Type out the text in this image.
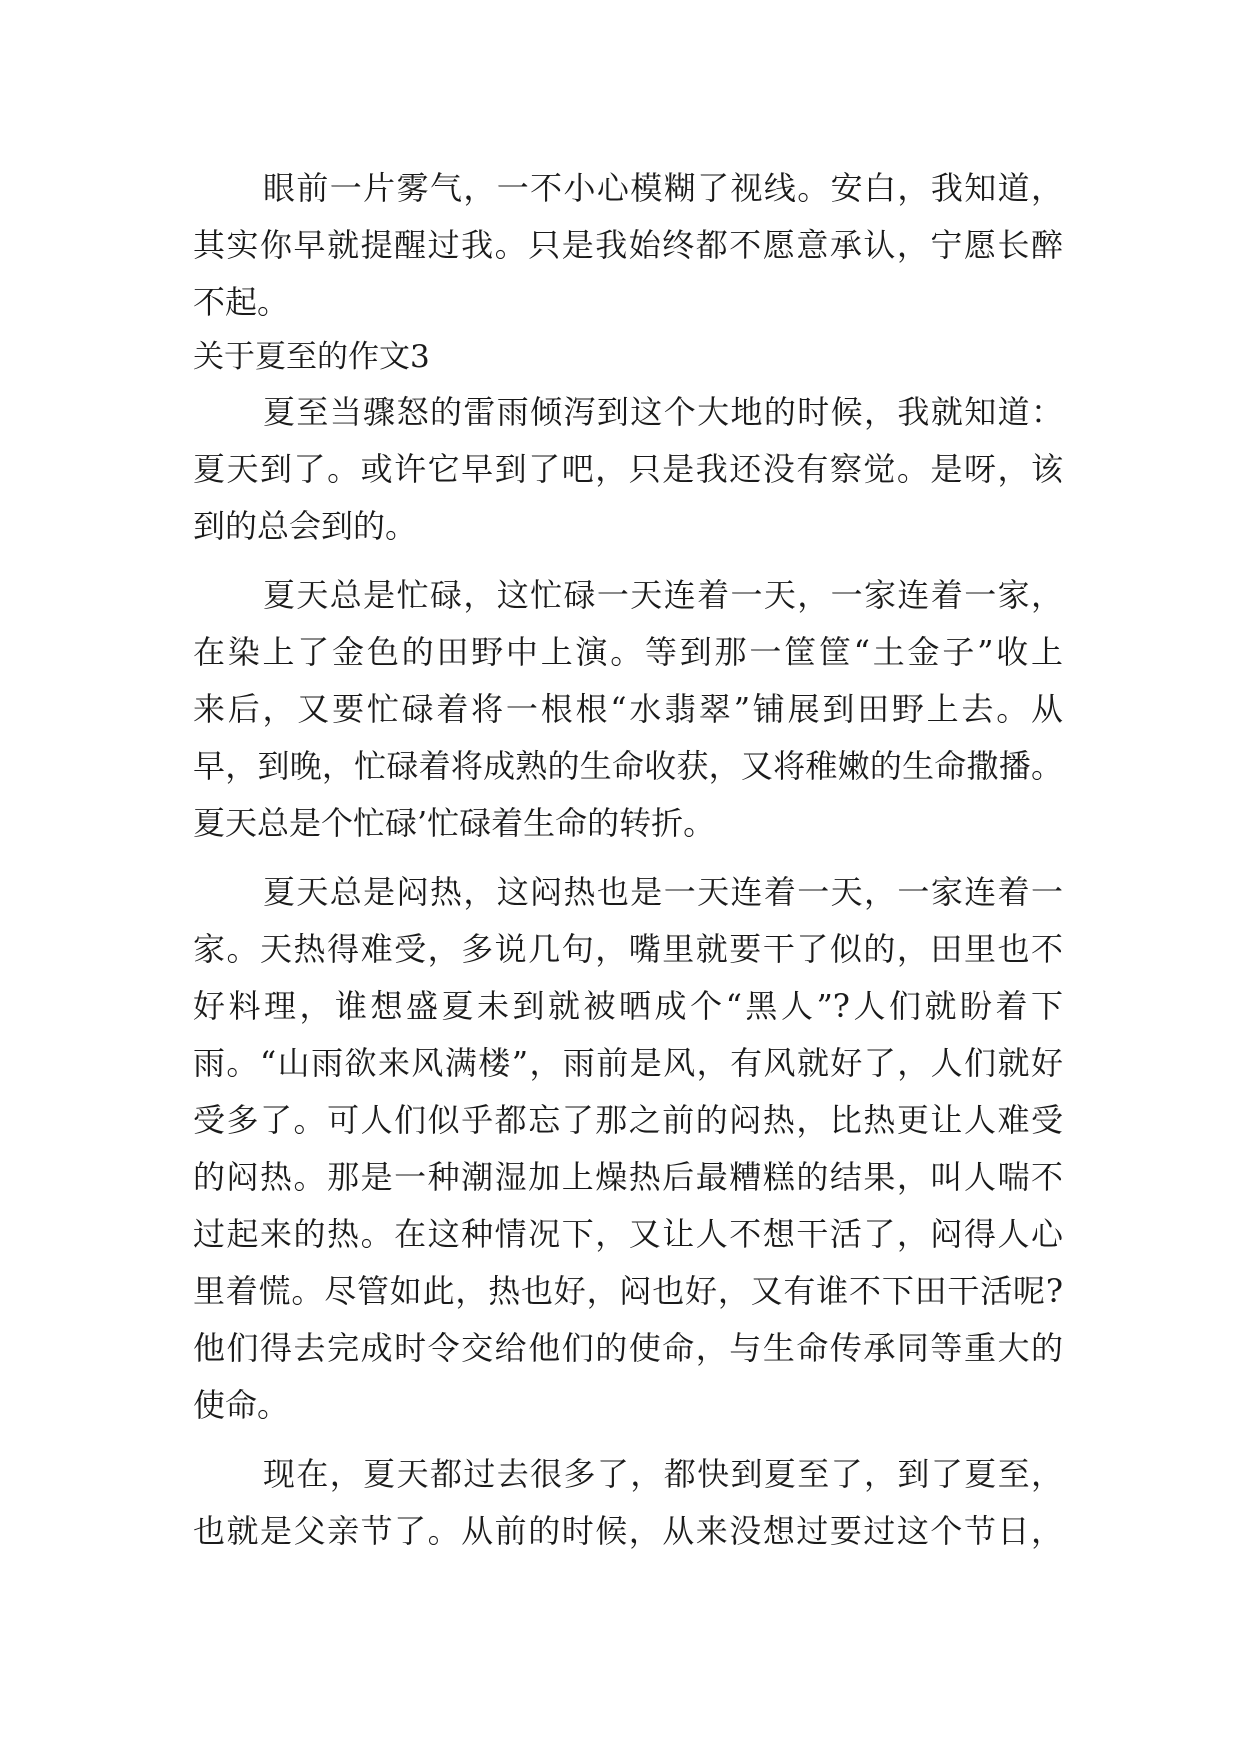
眼前一片雾气，一不小心模糊了视线。安白，我知道，
其实你早就提醒过我。只是我始终都不愿意承认，宁愿长醉
不起。
关于夏至的作文3
夏至当骤怒的雷雨倾泻到这个大地的时候，我就知道：
夏天到了。或许它早到了吧，只是我还没有察觉。是呀，该
到的总会到的。
夏天总是忙碌，这忙碌一天连着一天，一家连着一家，
在染上了金色的田野中上演。等到那一筐筐“土金子”收上
来后，又要忙碌着将一根根“水翡翠”铺展到田野上去。从
早，到晚，忙碌着将成熟的生命收获，又将稚嫩的生命撒播。
夏天总是个忙碌’忙碌着生命的转折。
夏天总是闷热，这闷热也是一天连着一天，一家连着一
家。天热得难受，多说几句，嘴里就要干了似的，田里也不
好料理，谁想盛夏未到就被晒成个“黑人”?人们就盼着下
雨。“山雨欲来风满楼”，雨前是风，有风就好了，人们就好
受多了。可人们似乎都忘了那之前的闷热，比热更让人难受
的闷热。那是一种潮湿加上燥热后最糟糕的结果，叫人喘不
过起来的热。在这种情况下，又让人不想干活了，闷得人心
里着慌。尽管如此，热也好，闷也好，又有谁不下田干活呢?
他们得去完成时令交给他们的使命，与生命传承同等重大的
使命。
现在，夏天都过去很多了，都快到夏至了，到了夏至，
也就是父亲节了。从前的时候，从来没想过要过这个节日，
